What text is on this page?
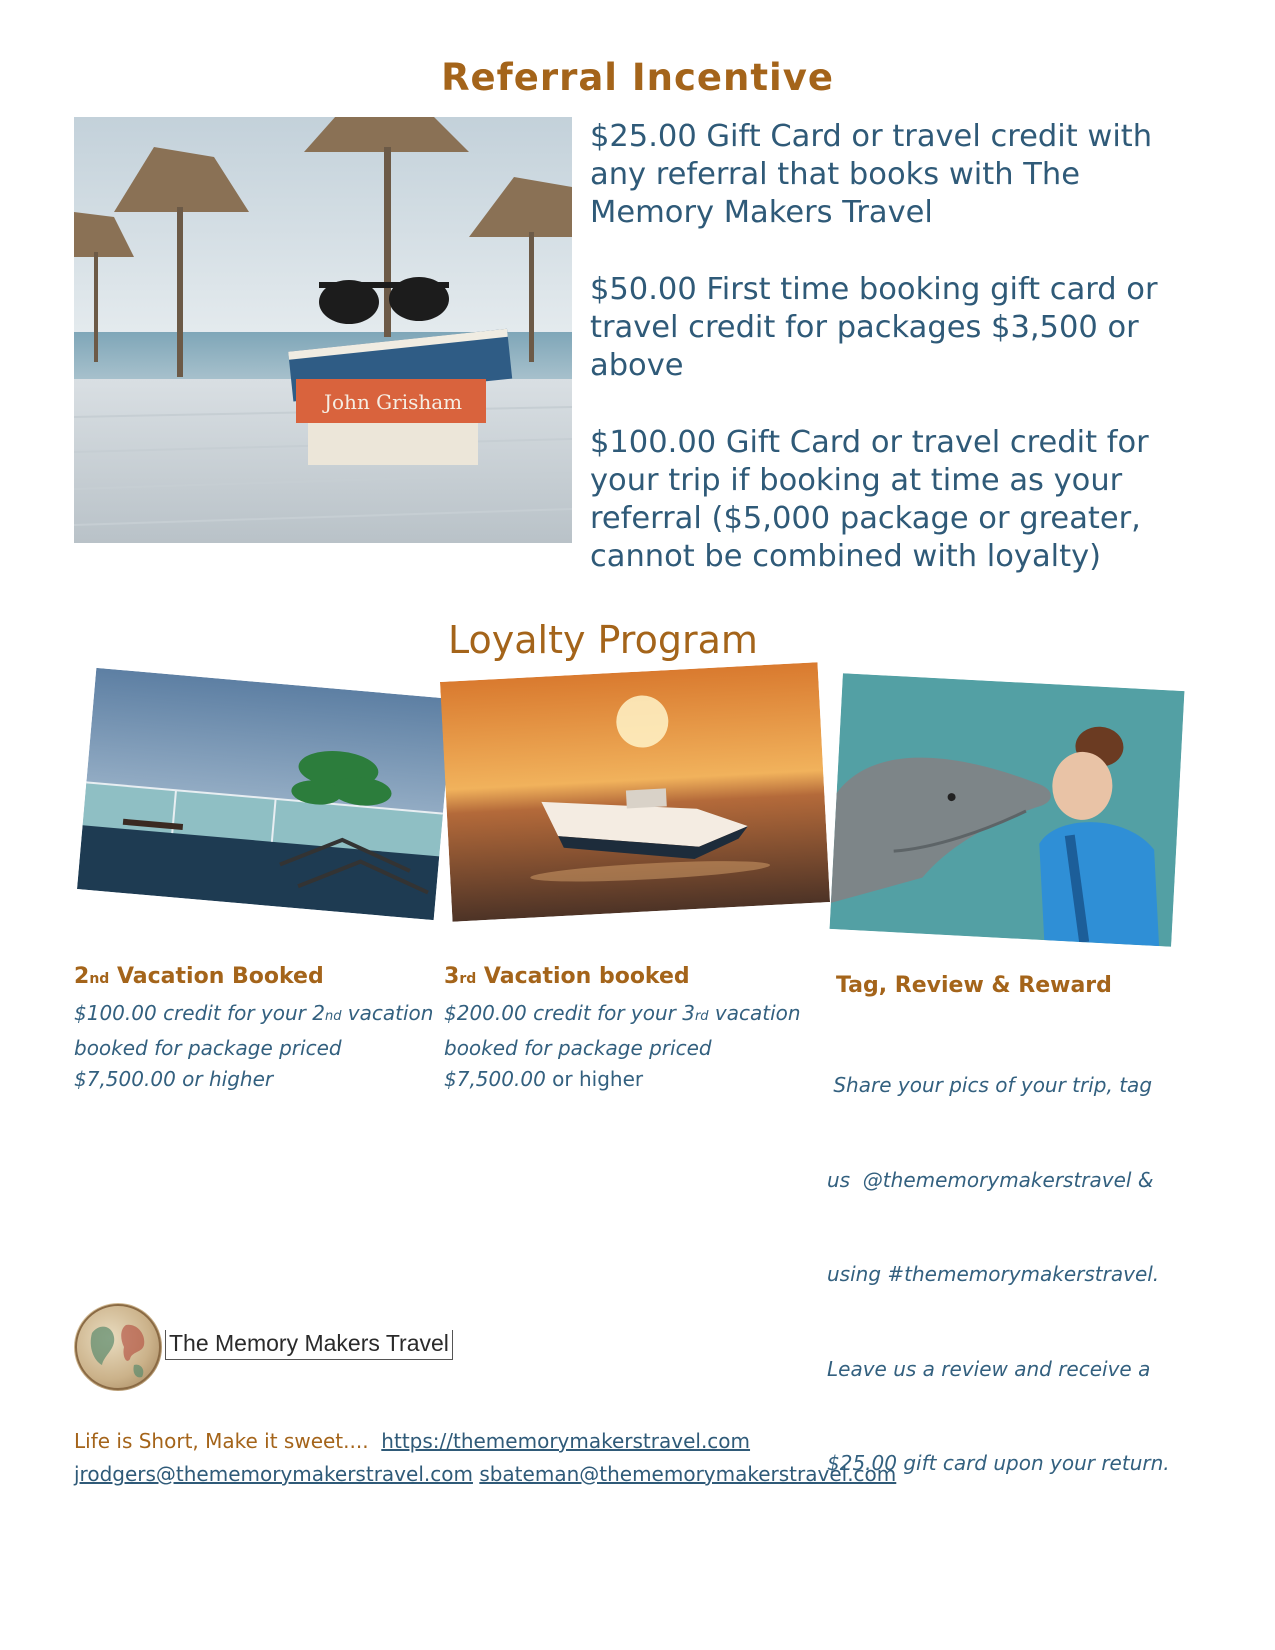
Referral Incentive
John Grisham

$25.00 Gift Card or travel credit with any referral that books with The Memory Makers Travel

$50.00 First time booking gift card or travel credit for packages $3,500 or above

$100.00 Gift Card or travel credit for your trip if booking at time as your referral ($5,000 package or greater, cannot be combined with loyalty)

Loyalty Program
2nd Vacation Booked
$100.00 credit for your 2nd vacation
booked for package priced
$7,500.00 or higher
3rd Vacation booked
$200.00 credit for your 3rd vacation
booked for package priced
$7,500.00 or higher
Tag, Review & Reward

Share your pics of your trip, tag

us  @thememorymakerstravel &

using #thememorymakerstravel.

Leave us a review and receive a

$25.00 gift card upon your return.

The Memory Makers Travel
Life is Short, Make it sweet....  https://thememorymakerstravel.com
jrodgers@thememorymakerstravel.com sbateman@thememorymakerstravel.com
